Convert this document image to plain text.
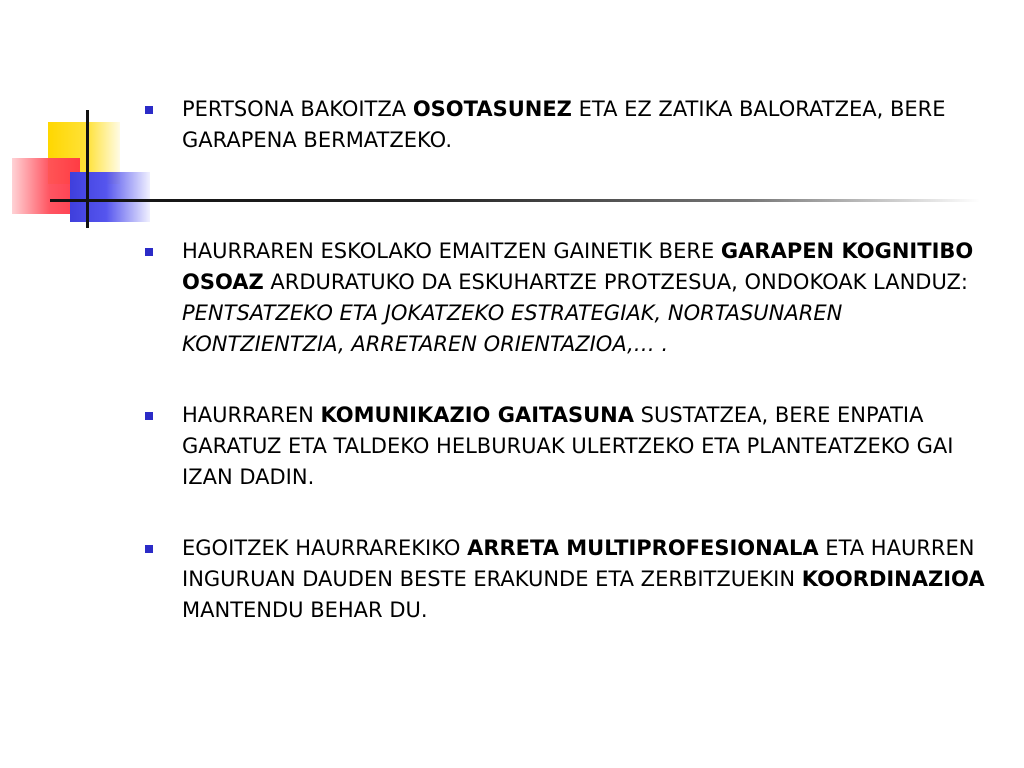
PERTSONA BAKOITZA OSOTASUNEZ ETA EZ ZATIKA BALORATZEA, BERE GARAPENA BERMATZEKO.
HAURRAREN ESKOLAKO EMAITZEN GAINETIK BERE GARAPEN KOGNITIBO OSOAZ ARDURATUKO DA ESKUHARTZE PROTZESUA, ONDOKOAK LANDUZ: PENTSATZEKO ETA JOKATZEKO ESTRATEGIAK, NORTASUNAREN KONTZIENTZIA, ARRETAREN ORIENTAZIOA,… .
HAURRAREN KOMUNIKAZIO GAITASUNA SUSTATZEA, BERE ENPATIA GARATUZ ETA TALDEKO HELBURUAK ULERTZEKO ETA PLANTEATZEKO GAI IZAN DADIN.
EGOITZEK HAURRAREKIKO ARRETA MULTIPROFESIONALA ETA HAURREN INGURUAN DAUDEN BESTE ERAKUNDE ETA ZERBITZUEKIN KOORDINAZIOA MANTENDU BEHAR DU.
